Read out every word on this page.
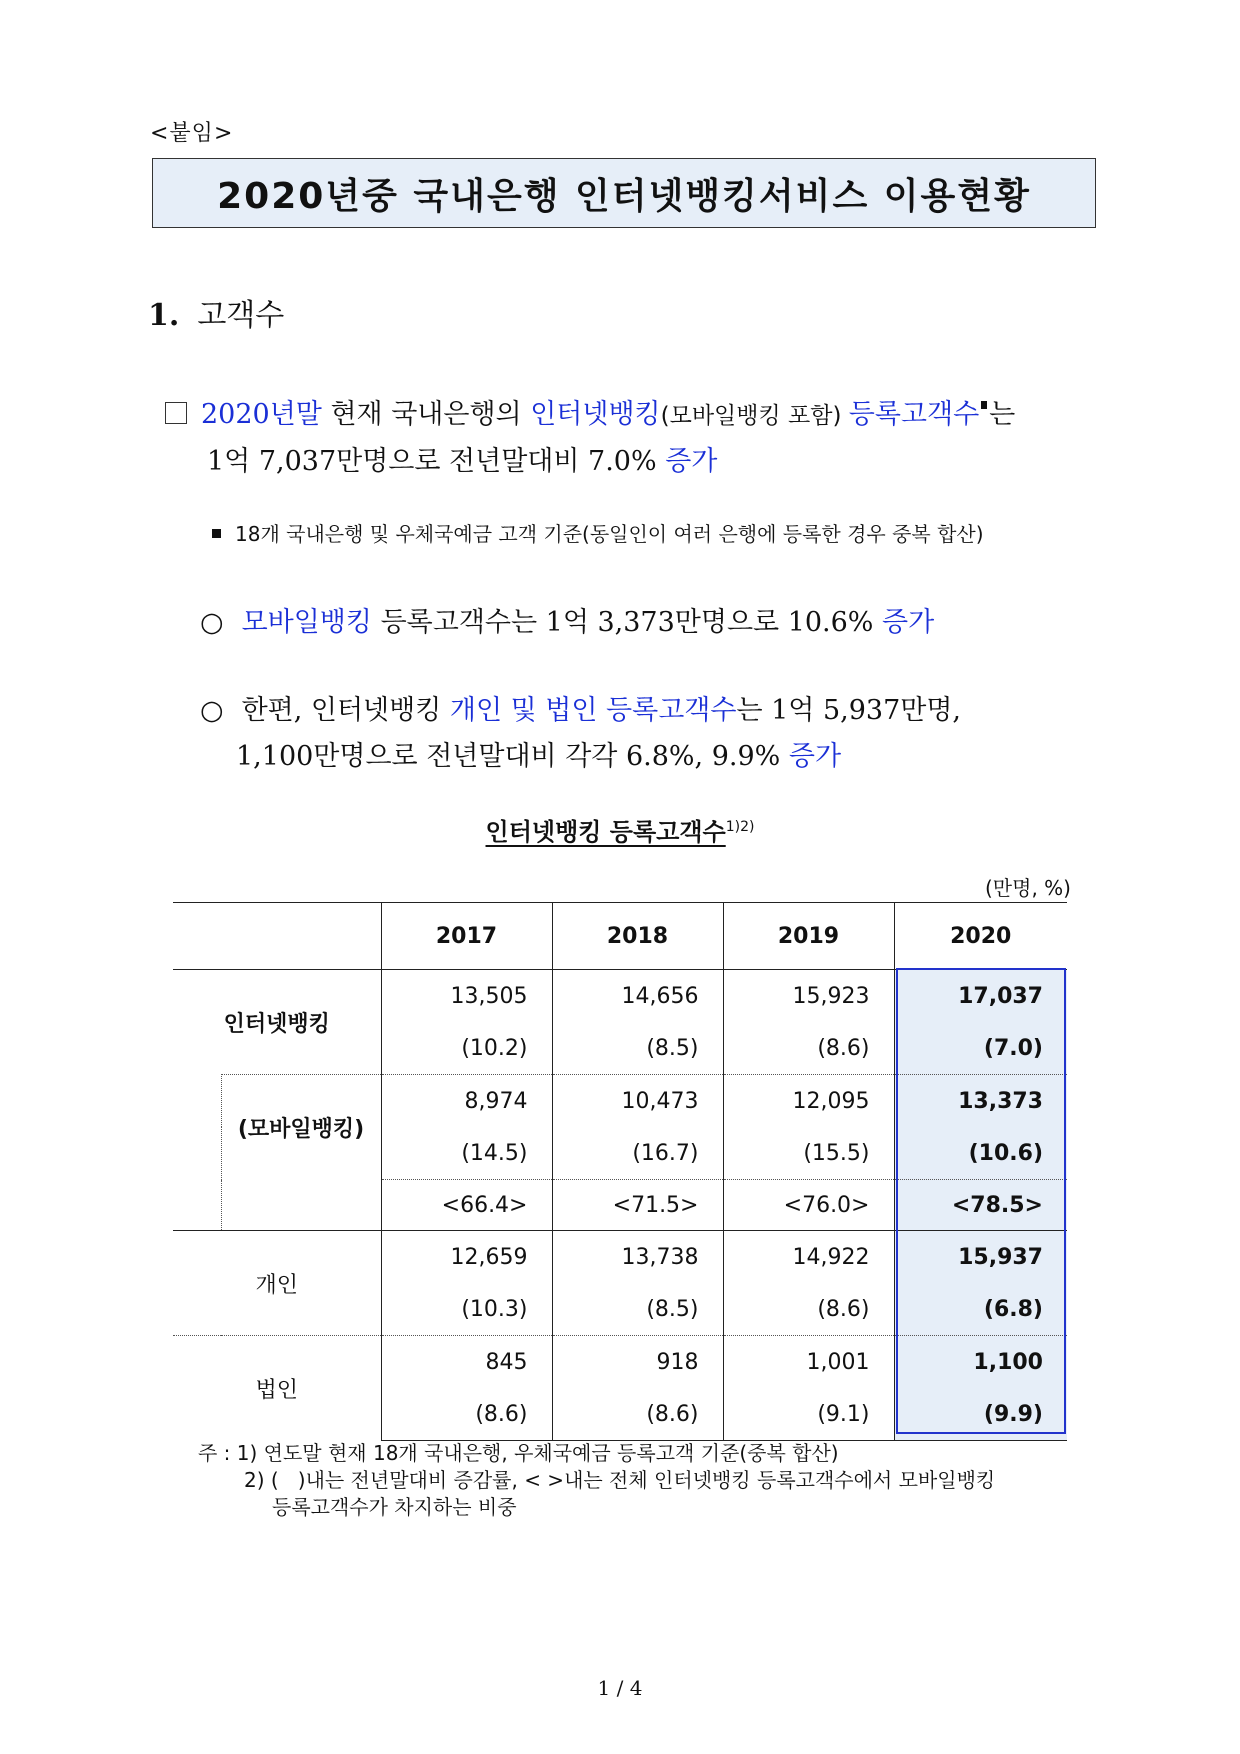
<붙임>
2020년중 국내은행 인터넷뱅킹서비스 이용현황
1. 고객수
2020년말 현재 국내은행의 인터넷뱅킹(모바일뱅킹 포함) 등록고객수 는
1억 7,037만명으로 전년말대비 7.0% 증가
18개 국내은행 및 우체국예금 고객 기준(동일인이 여러 은행에 등록한 경우 중복 합산)
○ 모바일뱅킹 등록고객수는 1억 3,373만명으로 10.6% 증가
○ 한편, 인터넷뱅킹 개인 및 법인 등록고객수는 1억 5,937만명,
1,100만명으로 전년말대비 각각 6.8%, 9.9% 증가
인터넷뱅킹 등록고객수$^{1)2)}$
(만명, %)
		2017	2018	2019	2020
인터넷뱅킹		13,505	14,656	15,923	17,037
		(10.2)	(8.5)	(8.6)	(7.0)
	(모바일뱅킹)	8,974	10,473	12,095	13,373
		(14.5)	(16.7)	(15.5)	(10.6)
		<66.4>	<71.5>	<76.0>	<78.5>
개인		12,659	13,738	14,922	15,937
		(10.3)	(8.5)	(8.6)	(6.8)
법인		845	918	1,001	1,100
		(8.6)	(8.6)	(9.1)	(9.9)
주 : 1) 연도말 현재 18개 국내은행, 우체국예금 등록고객 기준(중복 합산)
2) (   )내는 전년말대비 증감률, < >내는 전체 인터넷뱅킹 등록고객수에서 모바일뱅킹
등록고객수가 차지하는 비중
1 / 4
